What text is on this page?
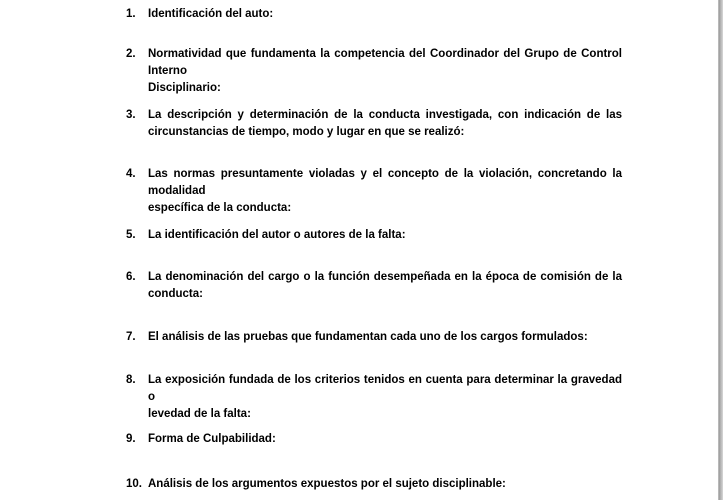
1.	Identificación del auto:
2.	Normatividad que fundamenta la competencia del Coordinador del Grupo de Control Interno
Disciplinario:
3.	La descripción y determinación de la conducta investigada, con indicación de las
circunstancias de tiempo, modo y lugar en que se realizó:
4.	Las normas presuntamente violadas y el concepto de la violación, concretando la modalidad
específica de la conducta:
5.	La identificación del autor o autores de la falta:
6.	La denominación del cargo o la función desempeñada en la época de comisión de la
conducta:
7.	El análisis de las pruebas que fundamentan cada uno de los cargos formulados:
8.	La exposición fundada de los criterios tenidos en cuenta para determinar la gravedad o
levedad de la falta:
9.	Forma de Culpabilidad:
10. Análisis de los argumentos expuestos por el sujeto disciplinable:
